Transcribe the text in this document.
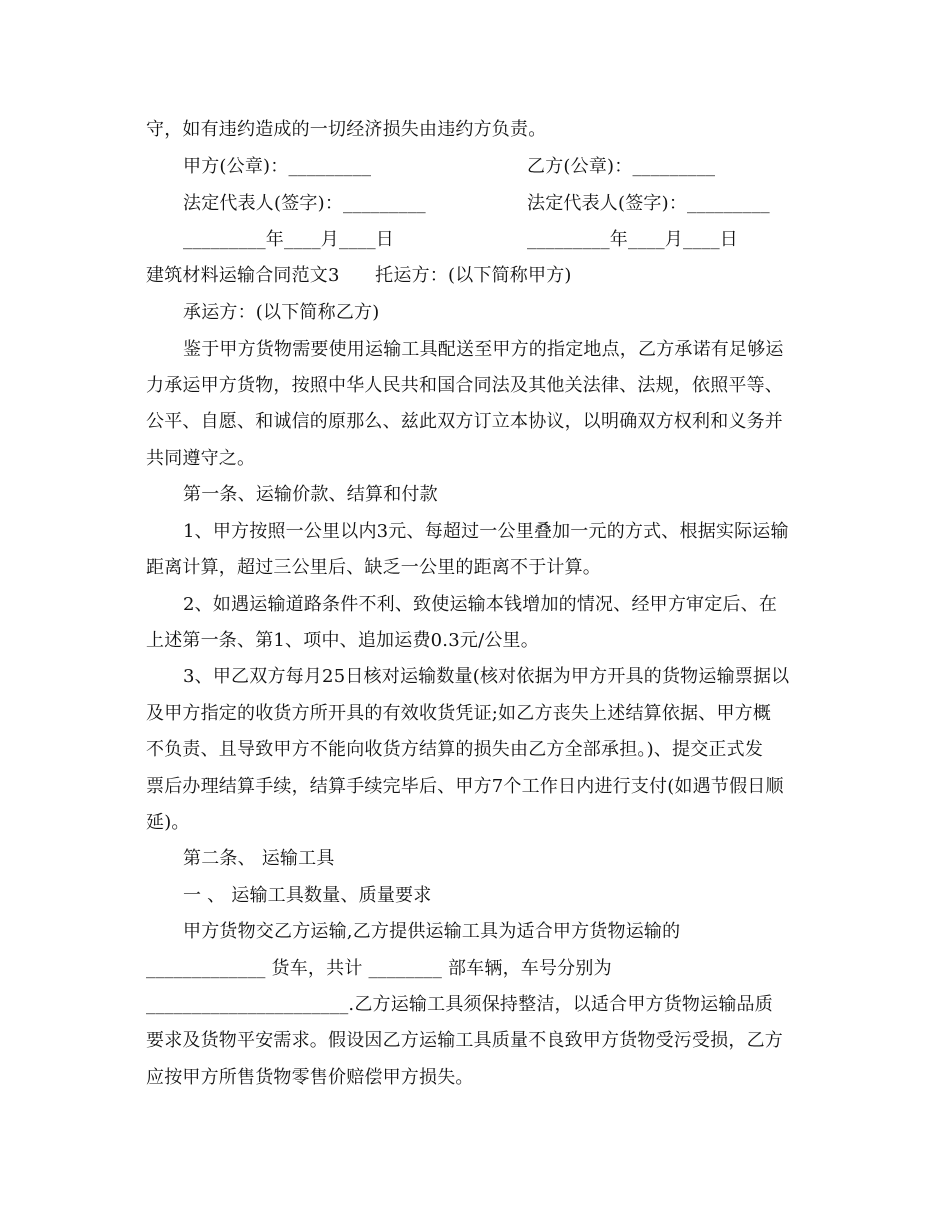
守，如有违约造成的一切经济损失由违约方负责。
甲方(公章)：_________	乙方(公章)：_________
法定代表人(签字)：_________	法定代表人(签字)：_________
_________年____月____日	_________年____月____日
建筑材料运输合同范文3      托运方：(以下简称甲方)
承运方：(以下简称乙方)
鉴于甲方货物需要使用运输工具配送至甲方的指定地点，乙方承诺有足够运
力承运甲方货物，按照中华人民共和国合同法及其他关法律、法规，依照平等、
公平、自愿、和诚信的原那么、兹此双方订立本协议，以明确双方权利和义务并
共同遵守之。
第一条、运输价款、结算和付款
1、甲方按照一公里以内3元、每超过一公里叠加一元的方式、根据实际运输
距离计算，超过三公里后、缺乏一公里的距离不于计算。
2、如遇运输道路条件不利、致使运输本钱增加的情况、经甲方审定后、在
上述第一条、第1、项中、追加运费0.3元/公里。
3、甲乙双方每月25日核对运输数量(核对依据为甲方开具的货物运输票据以
及甲方指定的收货方所开具的有效收货凭证;如乙方丧失上述结算依据、甲方概
不负责、且导致甲方不能向收货方结算的损失由乙方全部承担。)、提交正式发
票后办理结算手续，结算手续完毕后、甲方7个工作日内进行支付(如遇节假日顺
延)。
第二条、 运输工具
一 、 运输工具数量、质量要求
甲方货物交乙方运输,乙方提供运输工具为适合甲方货物运输的
_____________ 货车，共计 ________ 部车辆，车号分别为
______________________.乙方运输工具须保持整洁，以适合甲方货物运输品质
要求及货物平安需求。假设因乙方运输工具质量不良致甲方货物受污受损，乙方
应按甲方所售货物零售价赔偿甲方损失。
